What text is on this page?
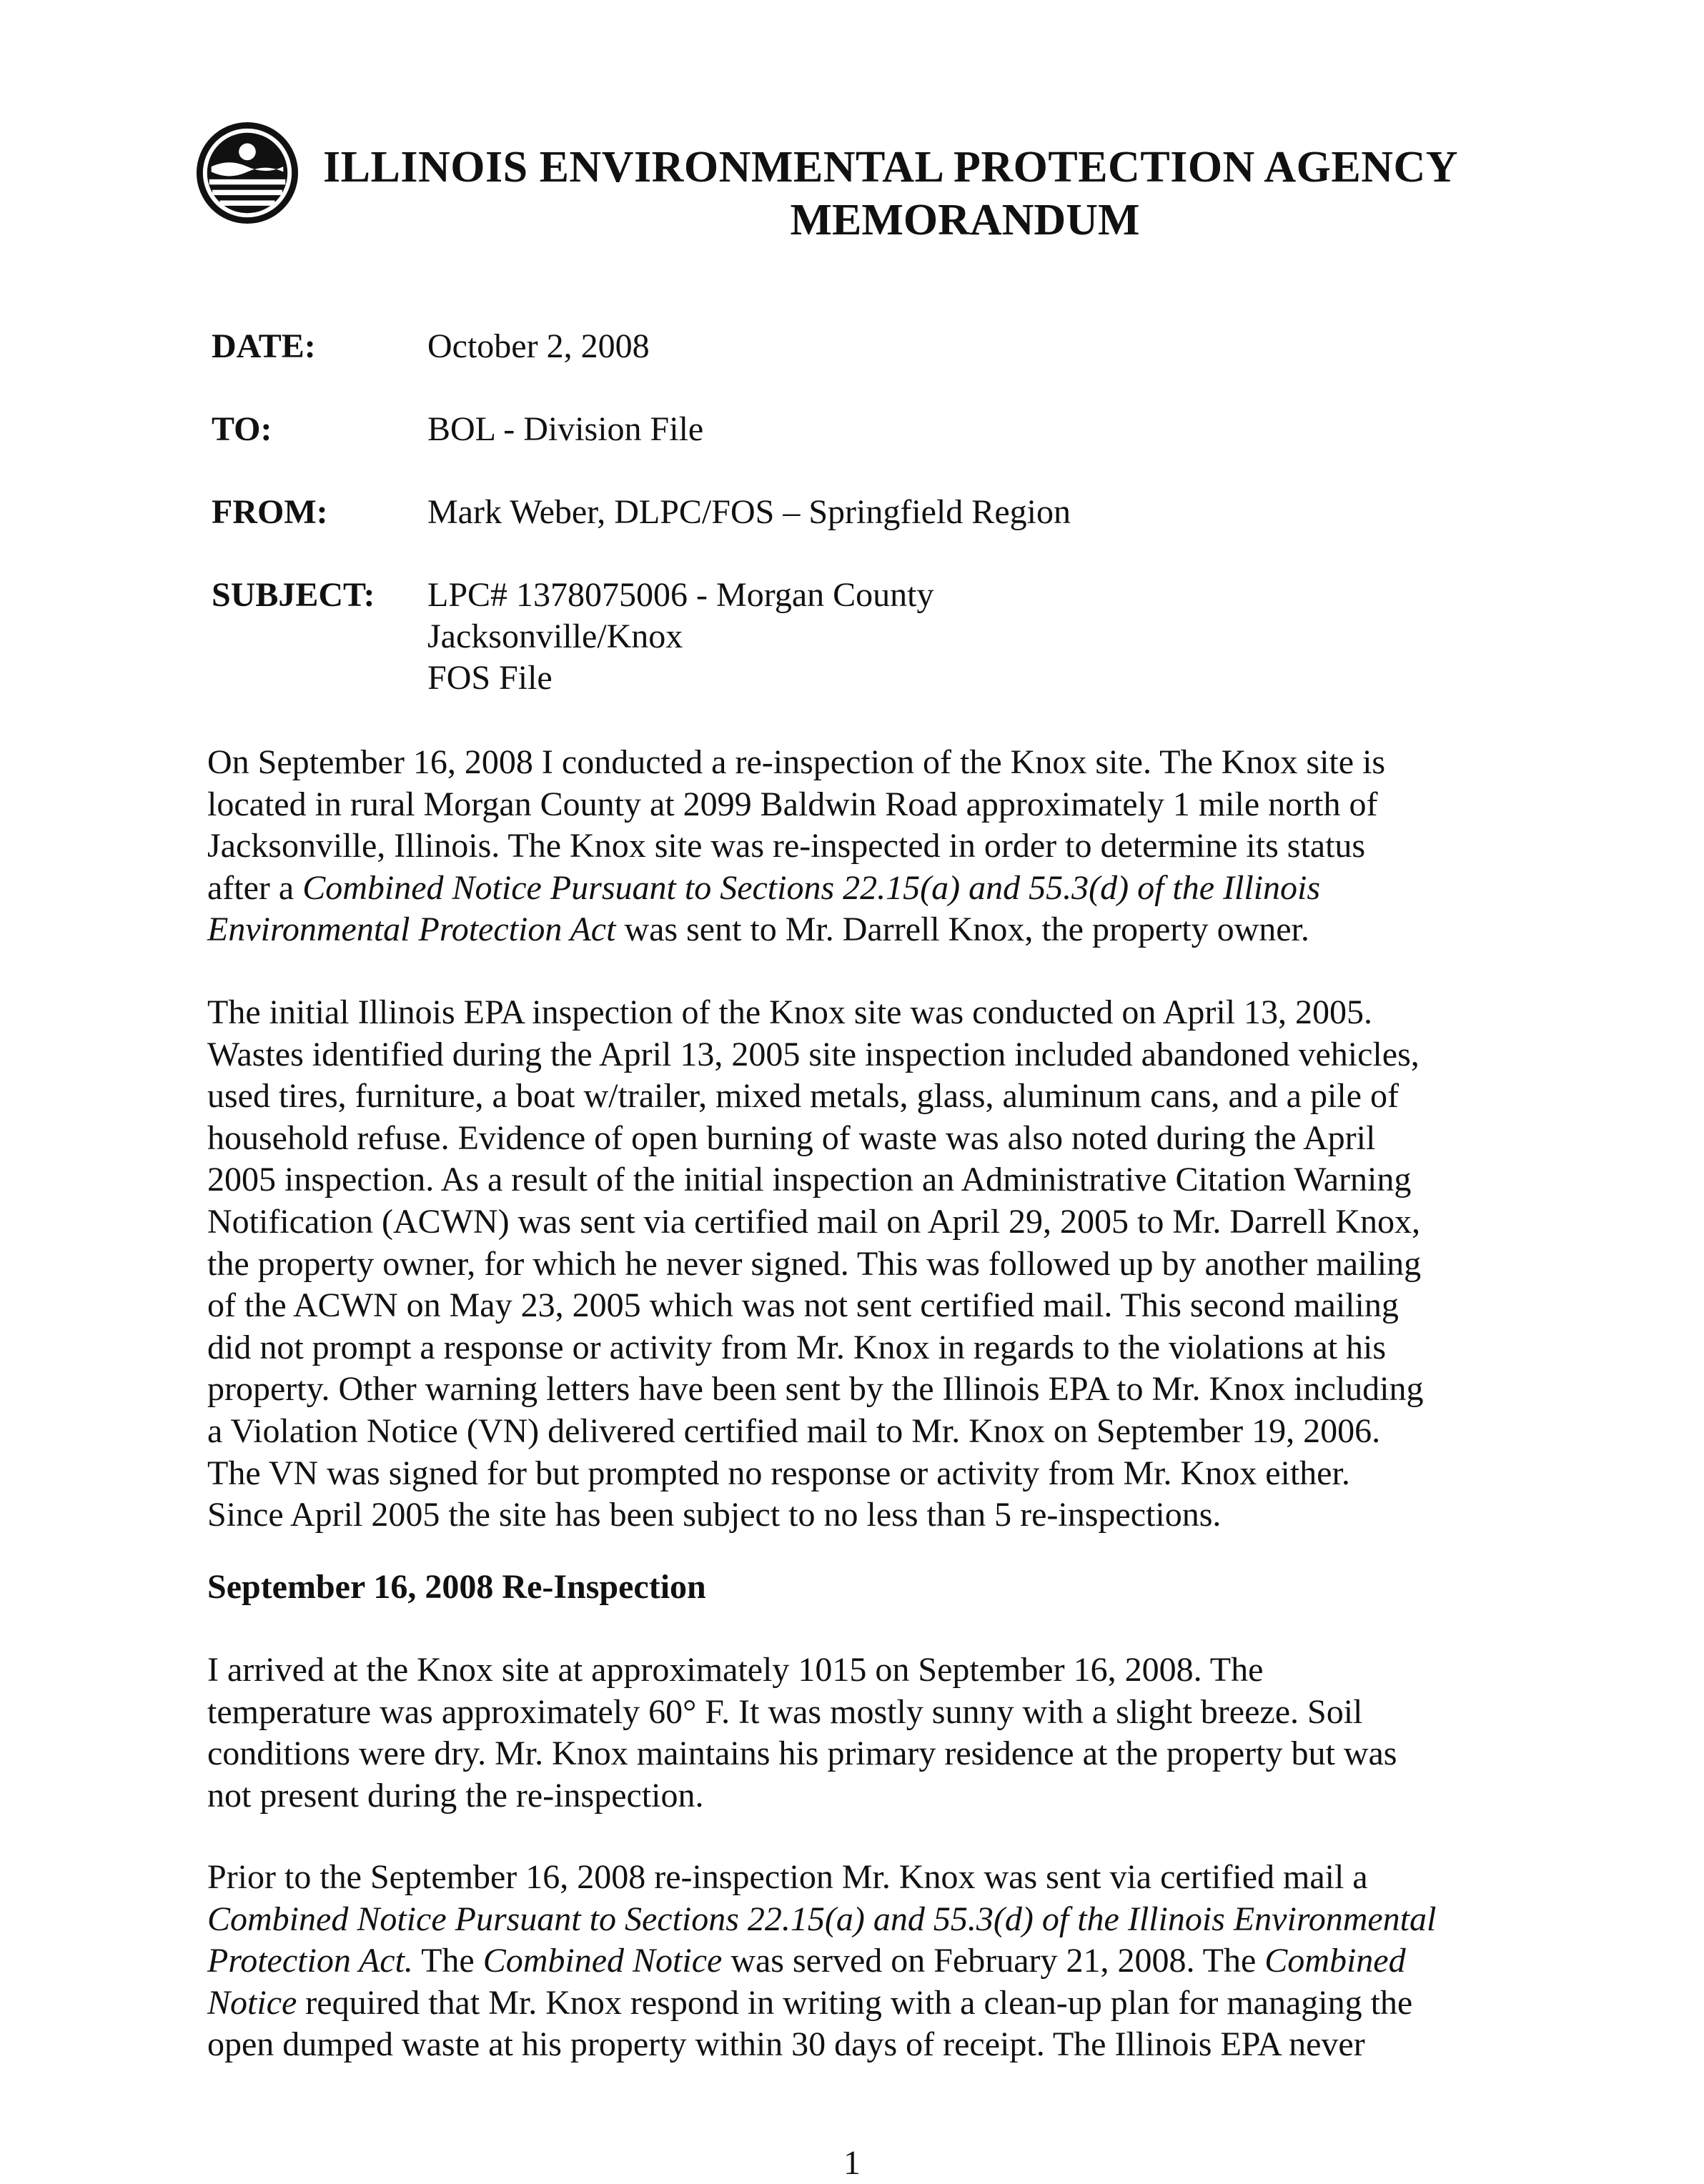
ILLINOIS ENVIRONMENTAL PROTECTION AGENCY
MEMORANDUM
DATE:	October 2, 2008
TO:	BOL - Division File
FROM:	Mark Weber, DLPC/FOS – Springfield Region
SUBJECT: LPC# 1378075006 - Morgan County
Jacksonville/Knox
FOS File
On September 16, 2008 I conducted a re-inspection of the Knox site. The Knox site is
located in rural Morgan County at 2099 Baldwin Road approximately 1 mile north of
Jacksonville, Illinois. The Knox site was re-inspected in order to determine its status
after a Combined Notice Pursuant to Sections 22.15(a) and 55.3(d) of the Illinois
Environmental Protection Act was sent to Mr. Darrell Knox, the property owner.
The initial Illinois EPA inspection of the Knox site was conducted on April 13, 2005.
Wastes identified during the April 13, 2005 site inspection included abandoned vehicles,
used tires, furniture, a boat w/trailer, mixed metals, glass, aluminum cans, and a pile of
household refuse. Evidence of open burning of waste was also noted during the April
2005 inspection. As a result of the initial inspection an Administrative Citation Warning
Notification (ACWN) was sent via certified mail on April 29, 2005 to Mr. Darrell Knox,
the property owner, for which he never signed. This was followed up by another mailing
of the ACWN on May 23, 2005 which was not sent certified mail. This second mailing
did not prompt a response or activity from Mr. Knox in regards to the violations at his
property. Other warning letters have been sent by the Illinois EPA to Mr. Knox including
a Violation Notice (VN) delivered certified mail to Mr. Knox on September 19, 2006.
The VN was signed for but prompted no response or activity from Mr. Knox either.
Since April 2005 the site has been subject to no less than 5 re-inspections.
September 16, 2008 Re-Inspection
I arrived at the Knox site at approximately 1015 on September 16, 2008. The
temperature was approximately 60° F. It was mostly sunny with a slight breeze. Soil
conditions were dry. Mr. Knox maintains his primary residence at the property but was
not present during the re-inspection.
Prior to the September 16, 2008 re-inspection Mr. Knox was sent via certified mail a
Combined Notice Pursuant to Sections 22.15(a) and 55.3(d) of the Illinois Environmental
Protection Act. The Combined Notice was served on February 21, 2008. The Combined
Notice required that Mr. Knox respond in writing with a clean-up plan for managing the
open dumped waste at his property within 30 days of receipt. The Illinois EPA never
1
